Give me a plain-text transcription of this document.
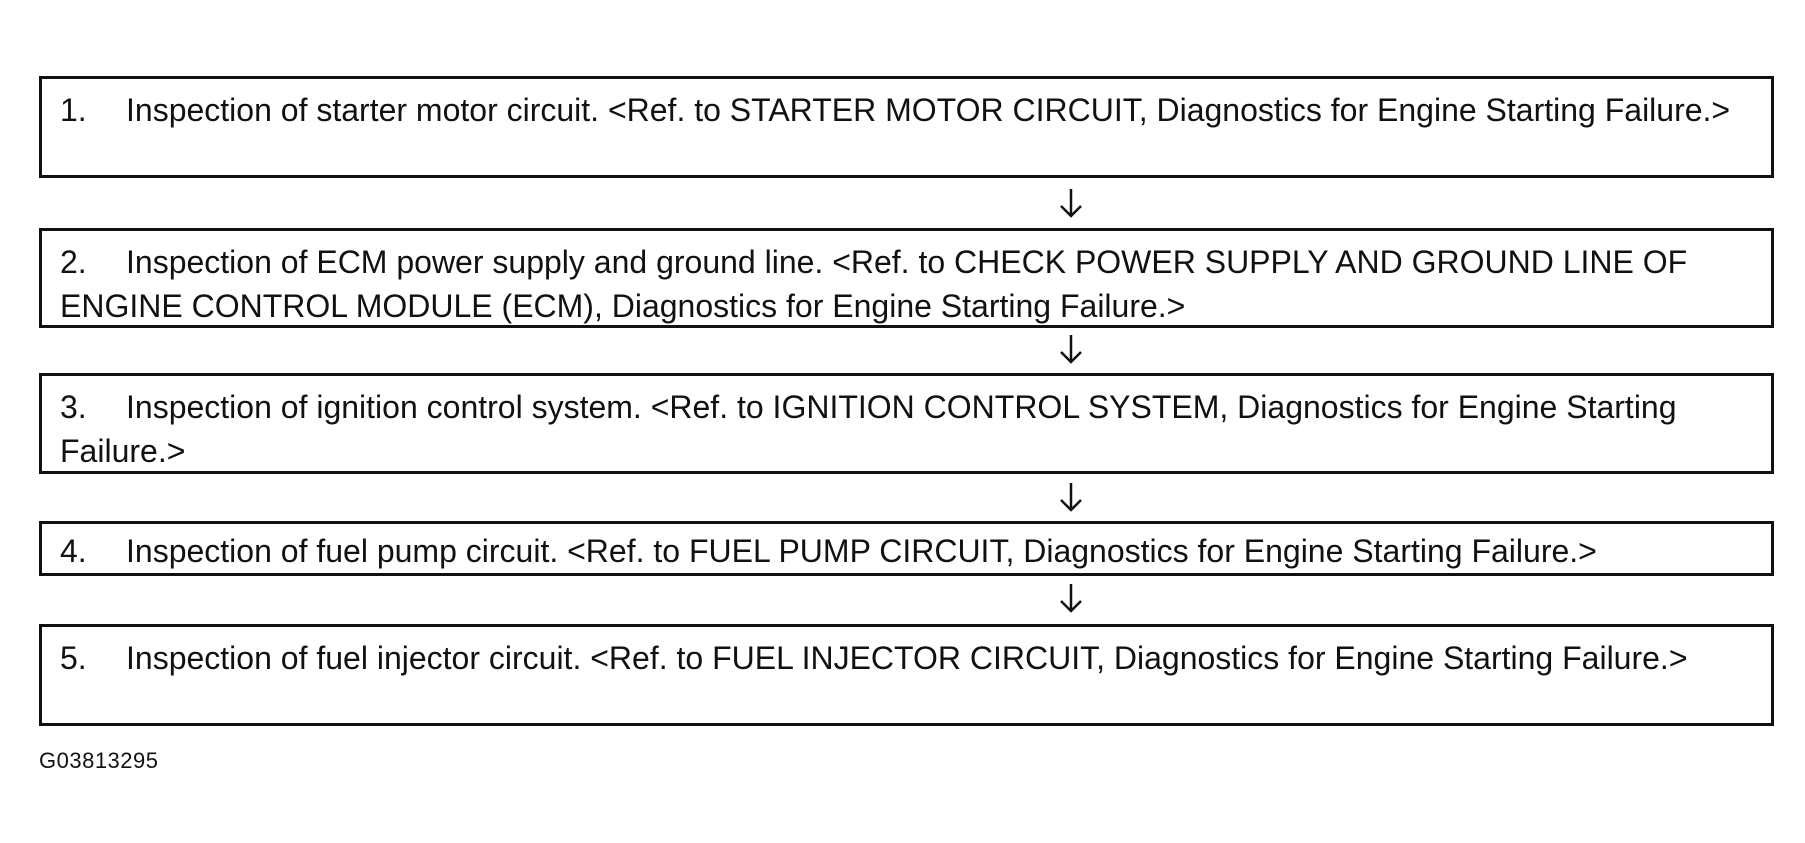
1. Inspection of starter motor circuit. <Ref. to STARTER MOTOR CIRCUIT, Diagnostics for Engine Starting Failure.>
2. Inspection of ECM power supply and ground line. <Ref. to CHECK POWER SUPPLY AND GROUND LINE OF ENGINE CONTROL MODULE (ECM), Diagnostics for Engine Starting Failure.>
3. Inspection of ignition control system. <Ref. to IGNITION CONTROL SYSTEM, Diagnostics for Engine Starting Failure.>
4. Inspection of fuel pump circuit. <Ref. to FUEL PUMP CIRCUIT, Diagnostics for Engine Starting Failure.>
5. Inspection of fuel injector circuit. <Ref. to FUEL INJECTOR CIRCUIT, Diagnostics for Engine Starting Failure.>
G03813295
